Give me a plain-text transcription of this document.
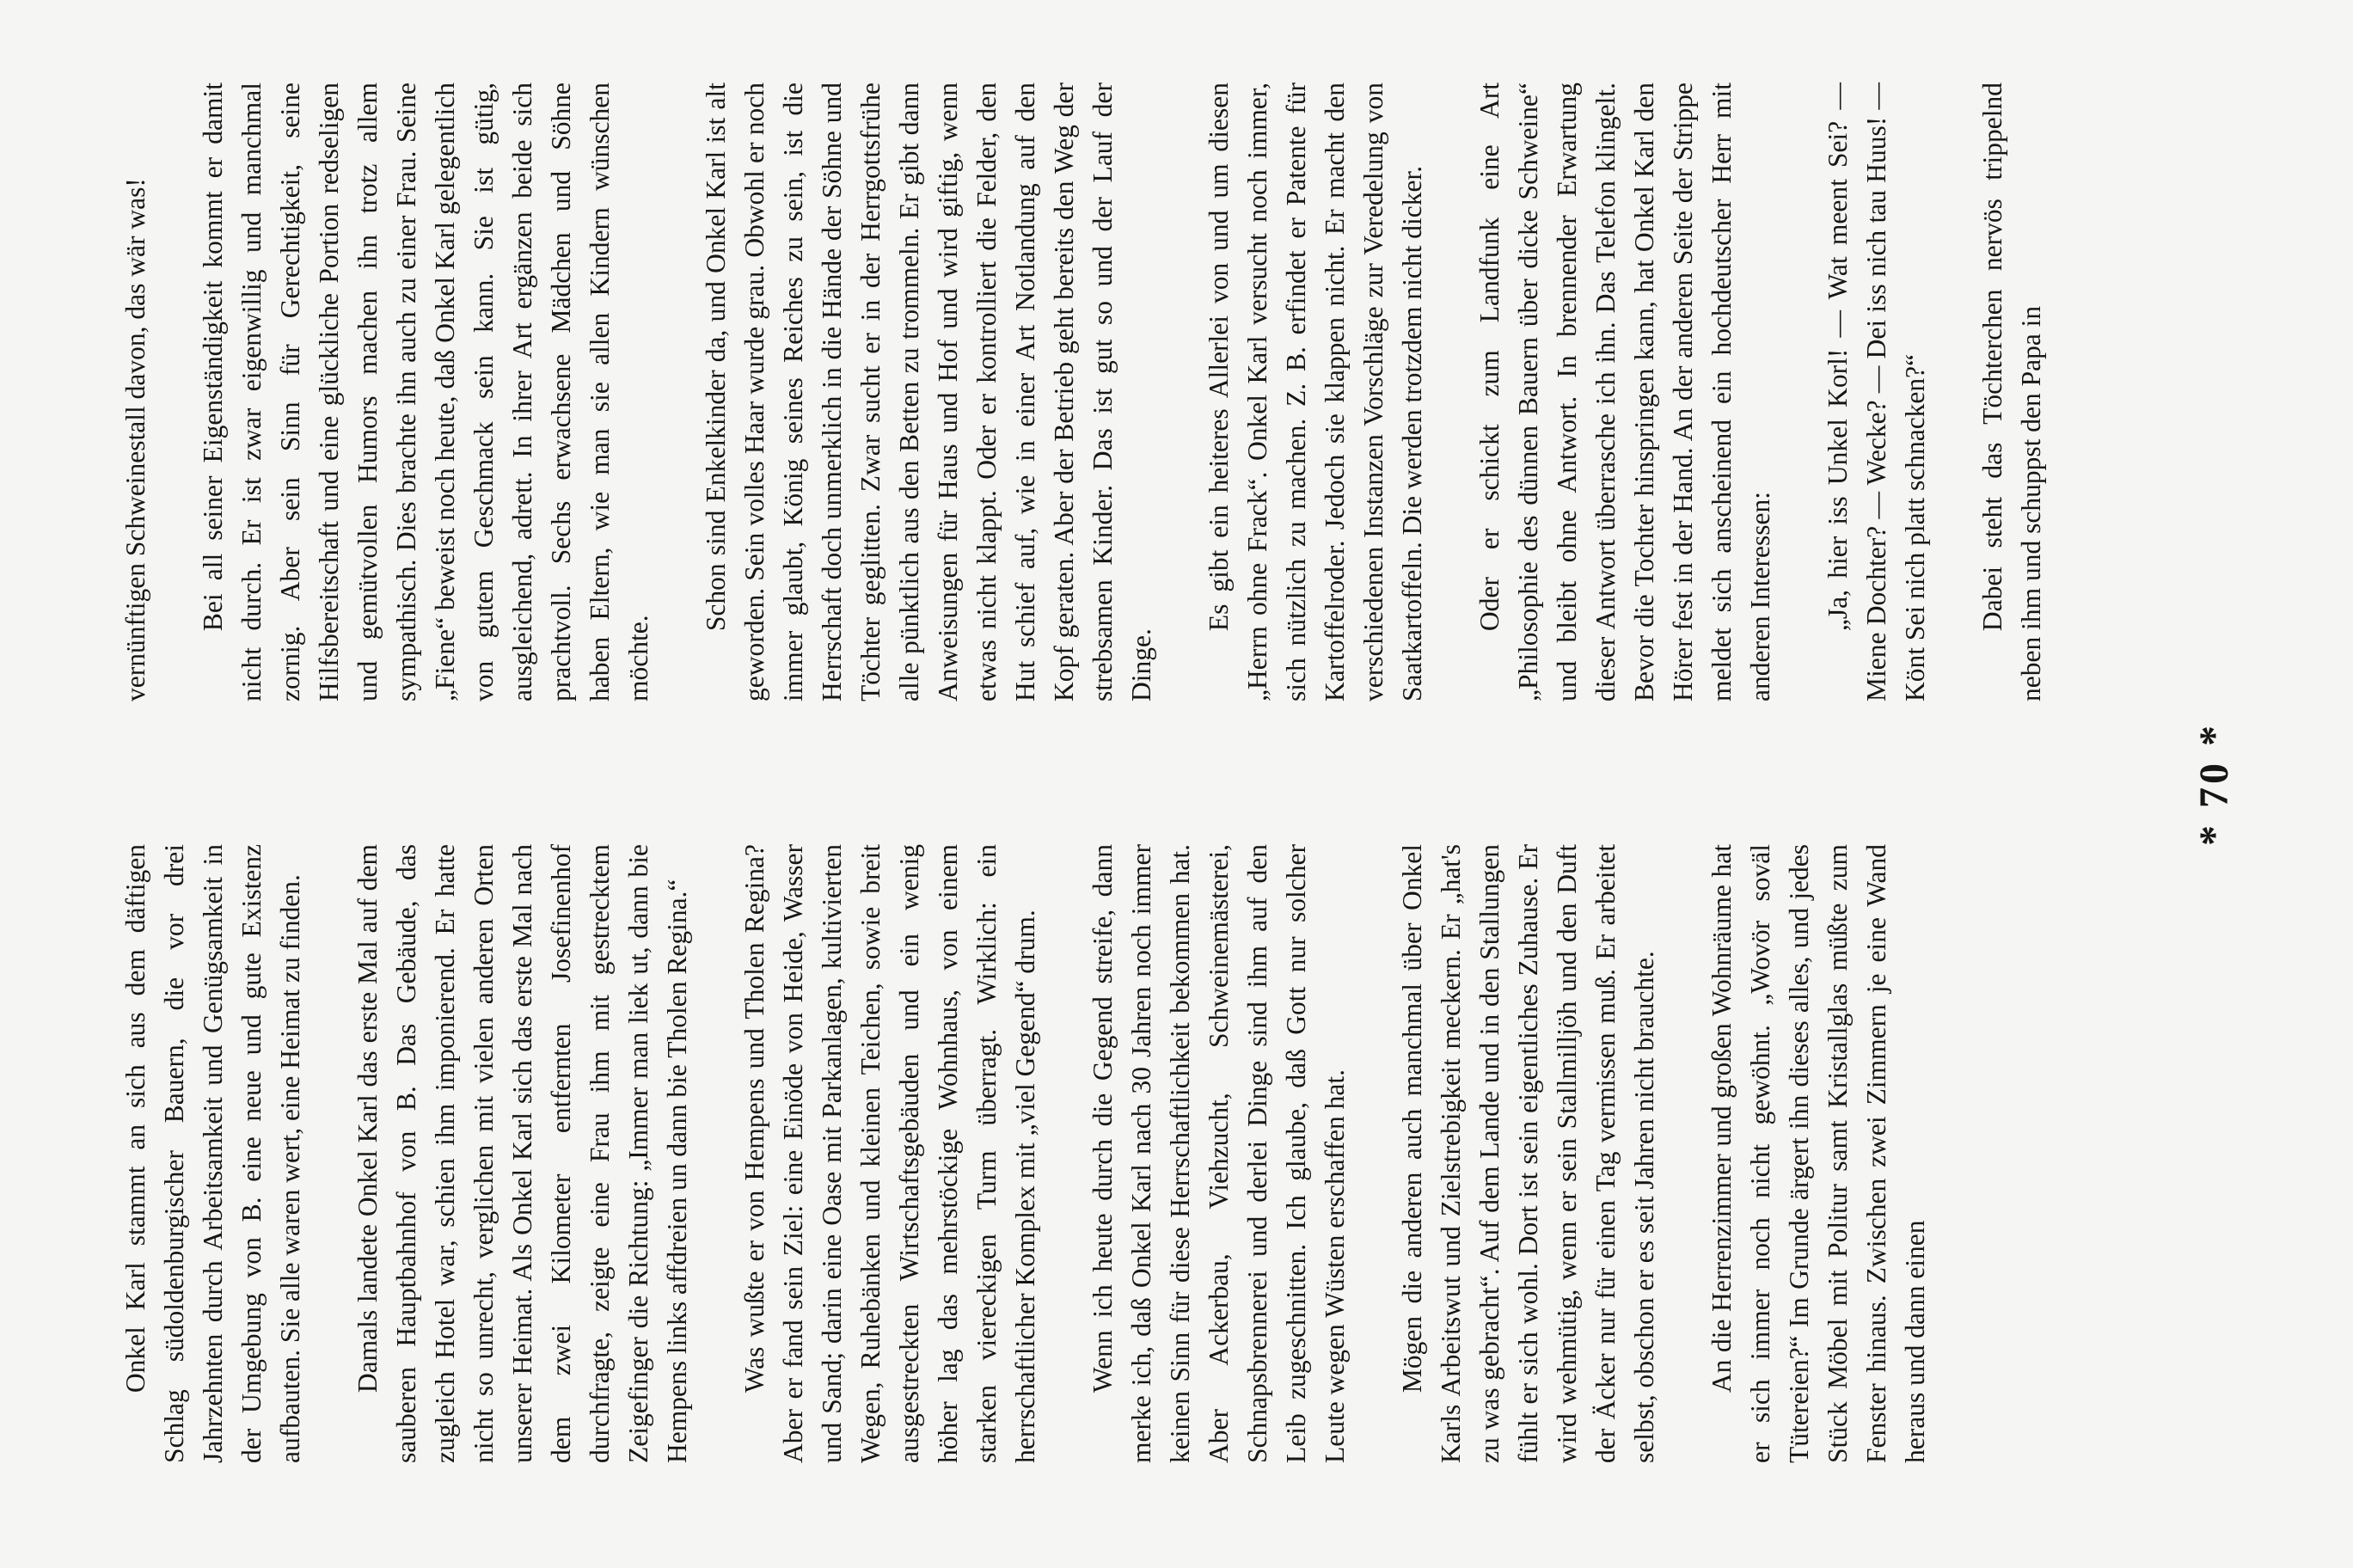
Onkel Karl stammt an sich aus dem däftigen Schlag südoldenburgischer Bauern, die vor drei Jahrzehnten durch Arbeitsamkeit und Genügsamkeit in der Umgebung von B. eine neue und gute Existenz aufbauten. Sie alle waren wert, eine Heimat zu finden. Damals landete Onkel Karl das erste Mal auf dem sauberen Hauptbahnhof von B. Das Gebäude, das zugleich Hotel war, schien ihm imponierend. Er hatte nicht so unrecht, verglichen mit vielen anderen Orten unserer Heimat. Als Onkel Karl sich das erste Mal nach dem zwei Kilometer entfernten Josefinenhof durchfragte, zeigte eine Frau ihm mit gestrecktem Zeigefinger die Richtung: „Immer man liek ut, dann bie Hempens links affdreien un dann bie Tholen Regina.“ Was wußte er von Hempens und Tholen Regina? Aber er fand sein Ziel: eine Einöde von Heide, Wasser und Sand; darin eine Oase mit Parkanlagen, kultivierten Wegen, Ruhebänken und kleinen Teichen, sowie breit ausgestreckten Wirtschaftsgebäuden und ein wenig höher lag das mehrstöckige Wohnhaus, von einem starken viereckigen Turm überragt. Wirklich: ein herrschaftlicher Komplex mit „viel Gegend“ drum. Wenn ich heute durch die Gegend streife, dann merke ich, daß Onkel Karl nach 30 Jahren noch immer keinen Sinn für diese Herrschaftlichkeit bekommen hat. Aber Ackerbau, Viehzucht, Schweinemästerei, Schnapsbrennerei und derlei Dinge sind ihm auf den Leib zugeschnitten. Ich glaube, daß Gott nur solcher Leute wegen Wüsten erschaffen hat. Mögen die anderen auch manchmal über Onkel Karls Arbeitswut und Zielstrebigkeit meckern. Er „hat's zu was gebracht“. Auf dem Lande und in den Stallungen fühlt er sich wohl. Dort ist sein eigentliches Zuhause. Er wird wehmütig, wenn er sein Stallmilljöh und den Duft der Äcker nur für einen Tag vermissen muß. Er arbeitet selbst, obschon er es seit Jahren nicht brauchte. An die Herrenzimmer und großen Wohnräume hat er sich immer noch nicht gewöhnt. „Wovör soväl Tütereien?“ Im Grunde ärgert ihn dieses alles, und jedes Stück Möbel mit Politur samt Kristallglas müßte zum Fenster hinaus. Zwischen zwei Zimmern je eine Wand heraus und dann einen

vernünftigen Schweinestall davon, das wär was! Bei all seiner Eigenständigkeit kommt er damit nicht durch. Er ist zwar eigenwillig und manchmal zornig. Aber sein Sinn für Gerechtigkeit, seine Hilfsbereitschaft und eine glückliche Portion redseligen und gemütvollen Humors machen ihn trotz allem sympathisch. Dies brachte ihn auch zu einer Frau. Seine „Fiene“ beweist noch heute, daß Onkel Karl gelegentlich von gutem Geschmack sein kann. Sie ist gütig, ausgleichend, adrett. In ihrer Art ergänzen beide sich prachtvoll. Sechs erwachsene Mädchen und Söhne haben Eltern, wie man sie allen Kindern wünschen möchte.

Schon sind Enkelkinder da, und Onkel Karl ist alt geworden. Sein volles Haar wurde grau. Obwohl er noch immer glaubt, König seines Reiches zu sein, ist die Herrschaft doch unmerklich in die Hände der Söhne und Töchter geglitten. Zwar sucht er in der Herrgottsfrühe alle pünktlich aus den Betten zu trommeln. Er gibt dann Anweisungen für Haus und Hof und wird giftig, wenn etwas nicht klappt. Oder er kontrolliert die Felder, den Hut schief auf, wie in einer Art Notlandung auf den Kopf geraten. Aber der Betrieb geht bereits den Weg der strebsamen Kinder. Das ist gut so und der Lauf der Dinge.

Es gibt ein heiteres Allerlei von und um diesen „Herrn ohne Frack“. Onkel Karl versucht noch immer, sich nützlich zu machen. Z. B. erfindet er Patente für Kartoffelroder. Jedoch sie klappen nicht. Er macht den verschiedenen Instanzen Vorschläge zur Veredelung von Saatkartoffeln. Die werden trotzdem nicht dicker. Oder er schickt zum Landfunk eine Art „Philosophie des dünnen Bauern über dicke Schweine“ und bleibt ohne Antwort. In brennender Erwartung dieser Antwort überrasche ich ihn. Das Telefon klingelt. Bevor die Tochter hinspringen kann, hat Onkel Karl den Hörer fest in der Hand. An der anderen Seite der Strippe meldet sich anscheinend ein hochdeutscher Herr mit anderen Interessen: „Ja, hier iss Unkel Korl! — Wat meent Sei? — Miene Dochter? — Wecke? — Dei iss nich tau Huus! — Könt Sei nich platt schnacken?“ Dabei steht das Töchterchen nervös trippelnd neben ihm und schuppst den Papa in

* 70 *
